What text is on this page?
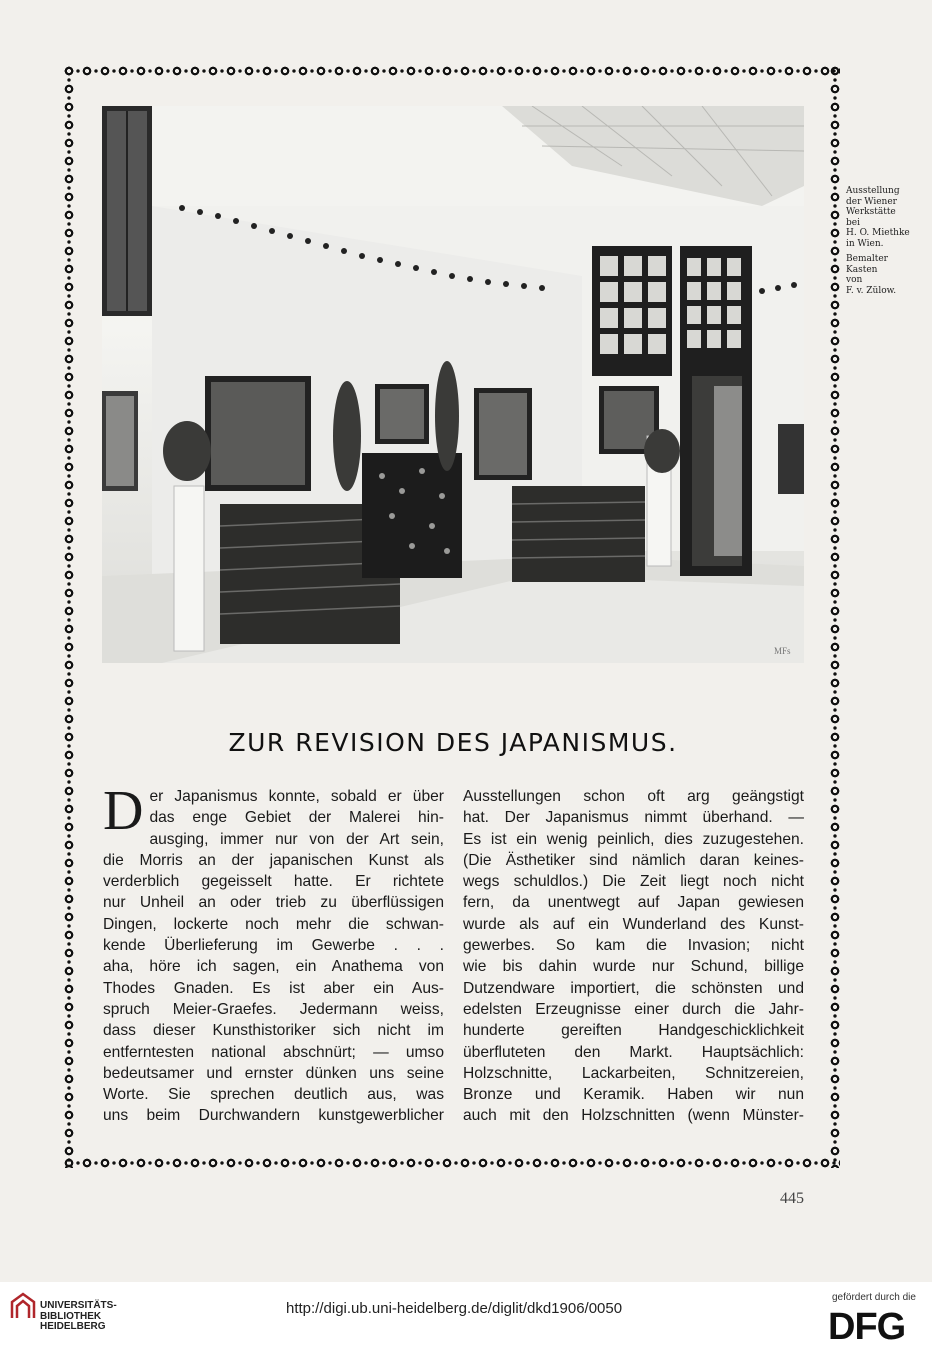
MFs
Ausstellung
der Wiener
Werkstätte
bei
H. O. Miethke
in Wien.
Bemalter
Kasten
von
F. v. Zülow.
ZUR REVISION DES JAPANISMUS.
D er Japanismus konnte, sobald er über
das enge Gebiet der Malerei hin-
ausging, immer nur von der Art sein,
die Morris an der japanischen Kunst als
verderblich gegeisselt hatte. Er richtete
nur Unheil an oder trieb zu überflüssigen
Dingen, lockerte noch mehr die schwan-
kende Überlieferung im Gewerbe . . .
aha, höre ich sagen, ein Anathema von
Thodes Gnaden. Es ist aber ein Aus-
spruch Meier-Graefes. Jedermann weiss,
dass dieser Kunsthistoriker sich nicht im
entferntesten national abschnürt; — umso
bedeutsamer und ernster dünken uns seine
Worte. Sie sprechen deutlich aus, was
uns beim Durchwandern kunstgewerblicher
Ausstellungen schon oft arg geängstigt
hat. Der Japanismus nimmt überhand. —
Es ist ein wenig peinlich, dies zuzugestehen.
(Die Ästhetiker sind nämlich daran keines-
wegs schuldlos.) Die Zeit liegt noch nicht
fern, da unentwegt auf Japan gewiesen
wurde als auf ein Wunderland des Kunst-
gewerbes. So kam die Invasion; nicht
wie bis dahin wurde nur Schund, billige
Dutzendware importiert, die schönsten und
edelsten Erzeugnisse einer durch die Jahr-
hunderte gereiften Handgeschicklichkeit
überfluteten den Markt. Hauptsächlich:
Holzschnitte, Lackarbeiten, Schnitzereien,
Bronze und Keramik. Haben wir nun
auch mit den Holzschnitten (wenn Münster-
445
UNIVERSITÄTS-
BIBLIOTHEK
HEIDELBERG
http://digi.ub.uni-heidelberg.de/diglit/dkd1906/0050
gefördert durch die
DFG
